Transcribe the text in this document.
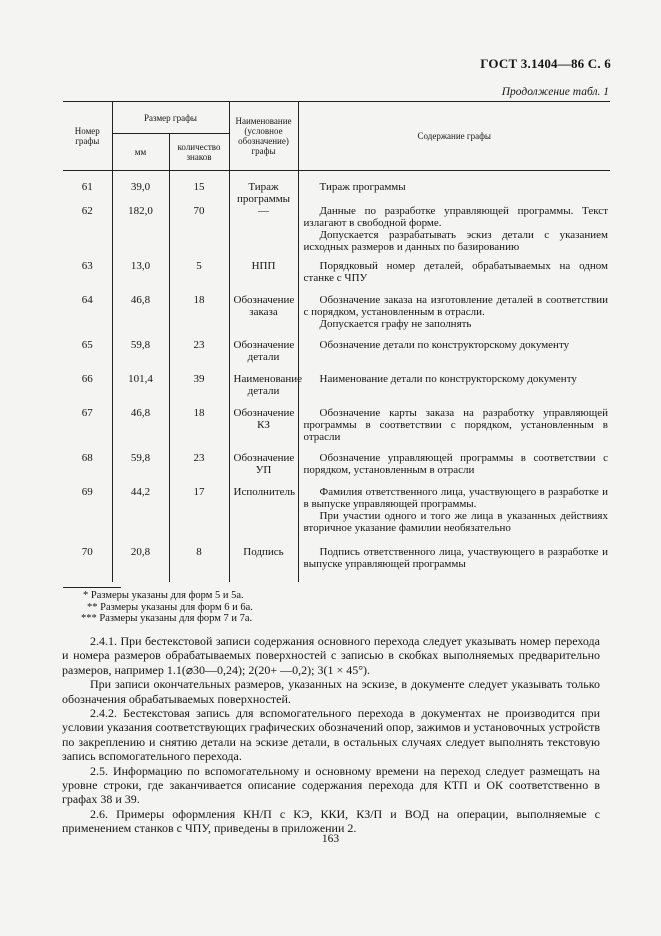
ГОСТ 3.1404—86 С. 6
Продолжение табл. 1
Номер графы	Размер графы		Наименование (условное обозначение) графы	Содержание графы
	мм	количество знаков		
61	39,0	15	Тираж программы	Тираж программы

62	182,0	70	—	Данные по разработке управляющей программы. Текст излагают в свободной форме.

Допускается разрабатывать эскиз детали с указанием исходных размеров и данных по базированию

63	13,0	5	НПП	Порядковый номер деталей, обрабатываемых на одном станке с ЧПУ

64	46,8	18	Обозначение заказа	Обозначение заказа на изготовление деталей в соответствии с порядком, установленным в отрасли.

Допускается графу не заполнять

65	59,8	23	Обозначение детали	Обозначение детали по конструкторскому документу

66	101,4	39	Наименование детали	Наименование детали по конструкторскому документу

67	46,8	18	Обозначение КЗ	Обозначение карты заказа на разработку управляющей программы в соответствии с порядком, установленным в отрасли

68	59,8	23	Обозначение УП	Обозначение управляющей программы в соответствии с порядком, установленным в отрасли

69	44,2	17	Исполнитель	Фамилия ответственного лица, участвующего в разработке и в выпуске управляющей программы.

При участии одного и того же лица в указанных действиях вторичное указание фамилии необязательно

70	20,8	8	Подпись	Подпись ответственного лица, участвующего в разработке и выпуске управляющей программы

* Размеры указаны для форм 5 и 5а.
** Размеры указаны для форм 6 и 6а.
*** Размеры указаны для форм 7 и 7а.

2.4.1. При бестекстовой записи содержания основного перехода следует указывать номер перехода и номера размеров обрабатываемых поверхностей с записью в скобках выполняемых предварительно размеров, например 1.1(⌀30—0,24); 2(20+ —0,2); 3(1 × 45°).

При записи окончательных размеров, указанных на эскизе, в документе следует указывать только обозначения обрабатываемых поверхностей.

2.4.2. Бестекстовая запись для вспомогательного перехода в документах не производится при условии указания соответствующих графических обозначений опор, зажимов и установочных устройств по закреплению и снятию детали на эскизе детали, в остальных случаях следует выполнять текстовую запись вспомогательного перехода.

2.5. Информацию по вспомогательному и основному времени на переход следует размещать на уровне строки, где заканчивается описание содержания перехода для КТП и ОК соответственно в графах 38 и 39.

2.6. Примеры оформления КН/П с КЭ, ККИ, КЗ/П и ВОД на операции, выполняемые с применением станков с ЧПУ, приведены в приложении 2.

163
